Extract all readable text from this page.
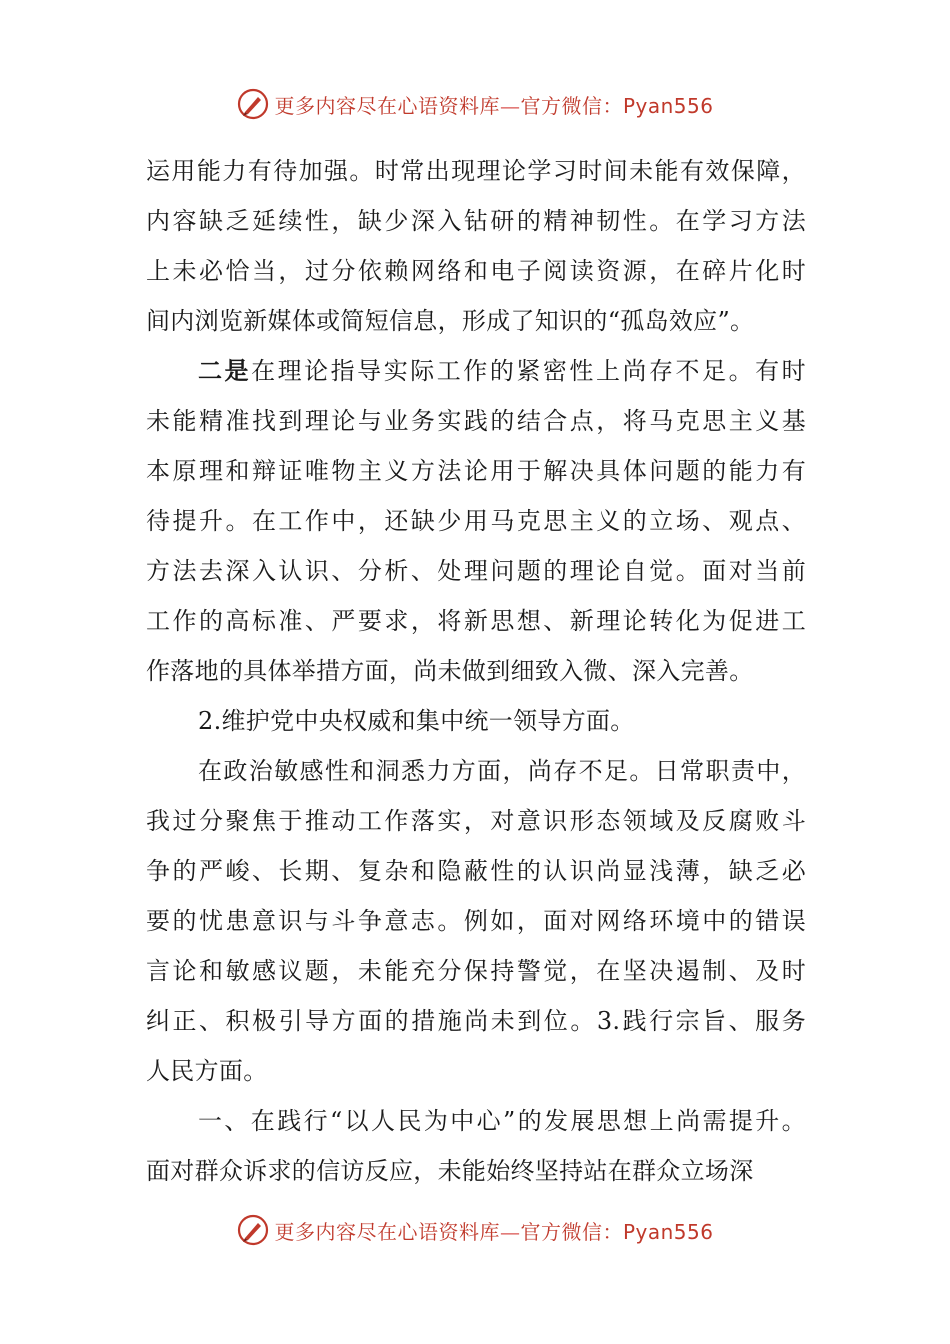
更多内容尽在心语资料库—官方微信：Pyan556
运用能力有待加强。时常出现理论学习时间未能有效保障，
内容缺乏延续性，缺少深入钻研的精神韧性。在学习方法
上未必恰当，过分依赖网络和电子阅读资源，在碎片化时
间内浏览新媒体或简短信息，形成了知识的“孤岛效应”。
二是在理论指导实际工作的紧密性上尚存不足。有时
未能精准找到理论与业务实践的结合点，将马克思主义基
本原理和辩证唯物主义方法论用于解决具体问题的能力有
待提升。在工作中，还缺少用马克思主义的立场、观点、
方法去深入认识、分析、处理问题的理论自觉。面对当前
工作的高标准、严要求，将新思想、新理论转化为促进工
作落地的具体举措方面，尚未做到细致入微、深入完善。
2.维护党中央权威和集中统一领导方面。
在政治敏感性和洞悉力方面，尚存不足。日常职责中，
我过分聚焦于推动工作落实，对意识形态领域及反腐败斗
争的严峻、长期、复杂和隐蔽性的认识尚显浅薄，缺乏必
要的忧患意识与斗争意志。例如，面对网络环境中的错误
言论和敏感议题，未能充分保持警觉，在坚决遏制、及时
纠正、积极引导方面的措施尚未到位。3.践行宗旨、服务
人民方面。
一、在践行“以人民为中心”的发展思想上尚需提升。
面对群众诉求的信访反应，未能始终坚持站在群众立场深
更多内容尽在心语资料库—官方微信：Pyan556
